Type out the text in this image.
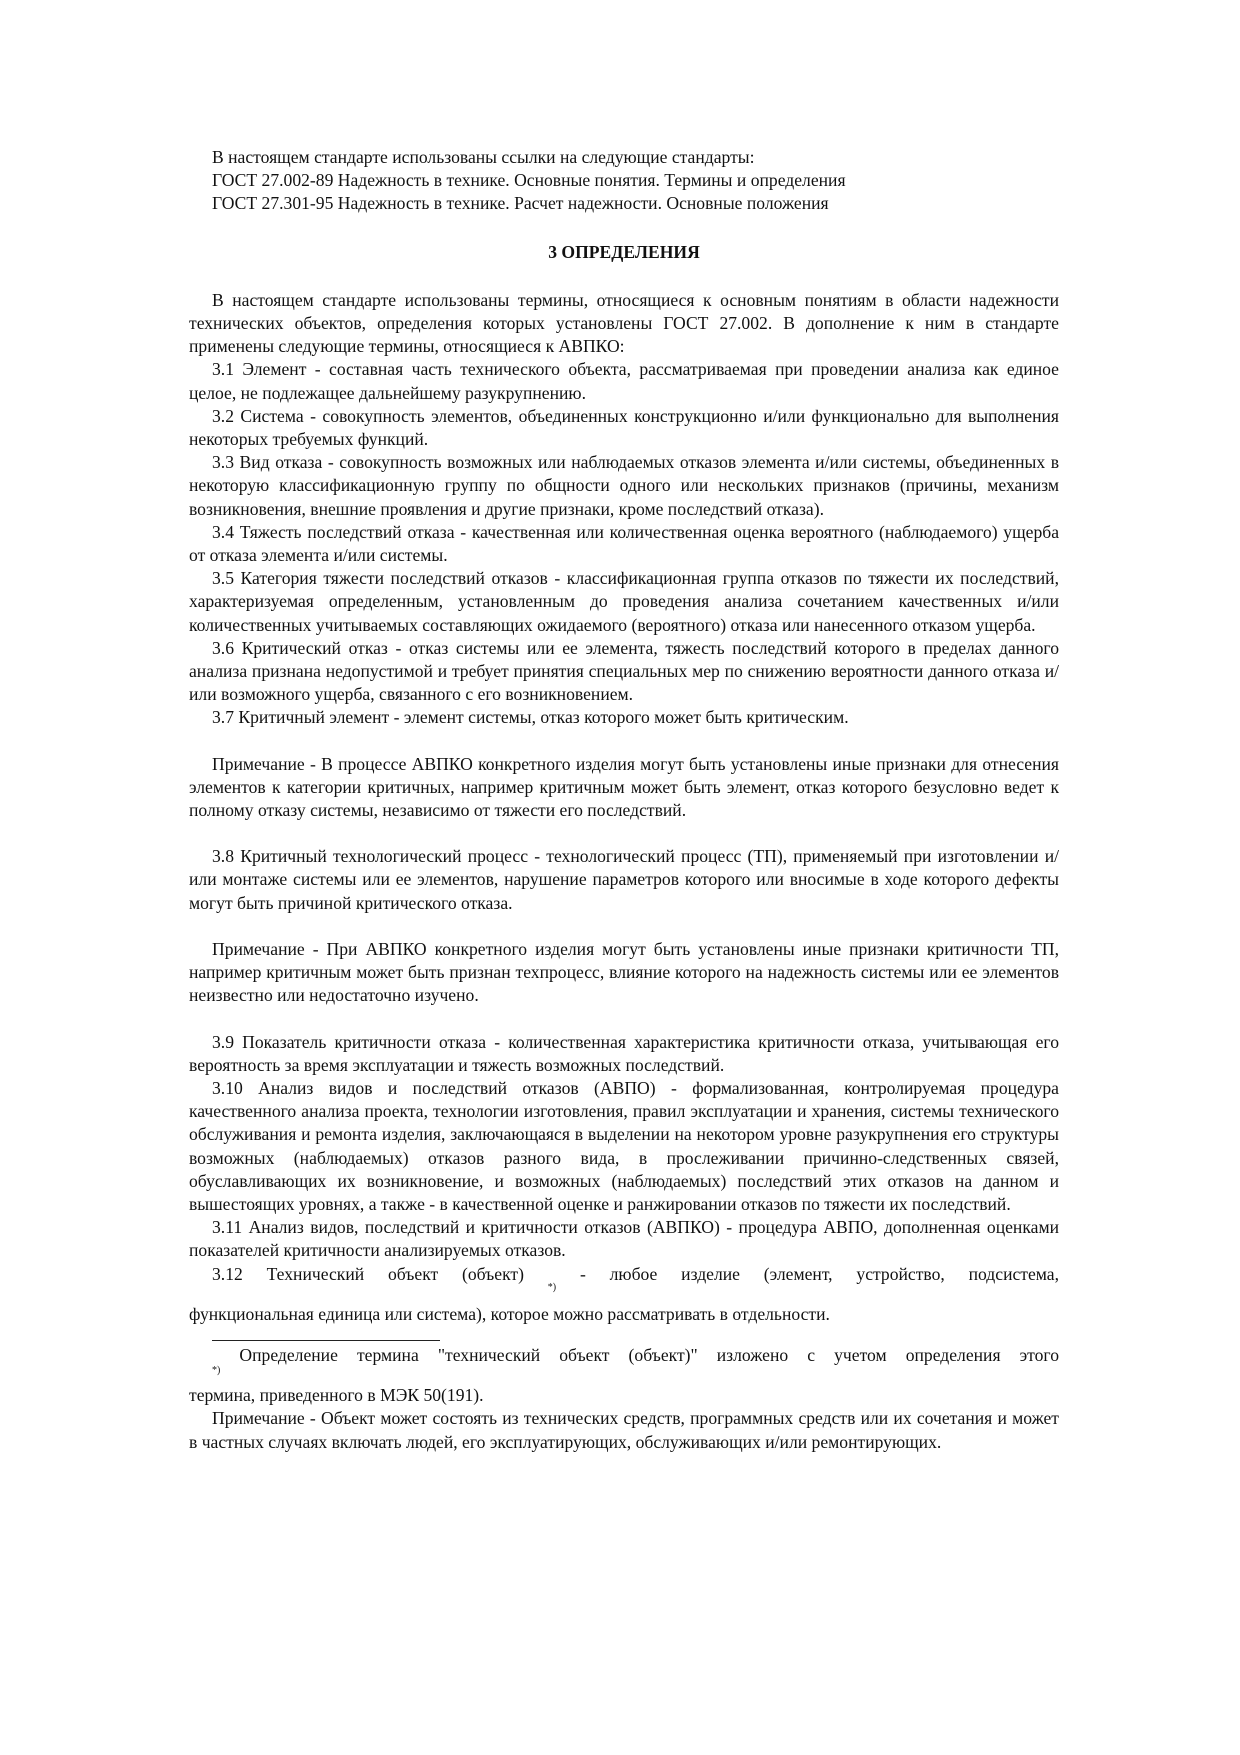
В настоящем стандарте использованы ссылки на следующие стандарты:

ГОСТ 27.002-89 Надежность в технике. Основные понятия. Термины и определения

ГОСТ 27.301-95 Надежность в технике. Расчет надежности. Основные положения

3 ОПРЕДЕЛЕНИЯ

В настоящем стандарте использованы термины, относящиеся к основным понятиям в области надежности технических объектов, определения которых установлены ГОСТ 27.002. В дополнение к ним в стандарте применены следующие термины, относящиеся к АВПКО:

3.1 Элемент - составная часть технического объекта, рассматриваемая при проведении анализа как единое целое, не подлежащее дальнейшему разукрупнению.

3.2 Система - совокупность элементов, объединенных конструкционно и/или функционально для выполнения некоторых требуемых функций.

3.3 Вид отказа - совокупность возможных или наблюдаемых отказов элемента и/или системы, объединенных в некоторую классификационную группу по общности одного или нескольких признаков (причины, механизм возникновения, внешние проявления и другие признаки, кроме последствий отказа).

3.4 Тяжесть последствий отказа - качественная или количественная оценка вероятного (наблюдаемого) ущерба от отказа элемента и/или системы.

3.5 Категория тяжести последствий отказов - классификационная группа отказов по тяжести их последствий, характеризуемая определенным, установленным до проведения анализа сочетанием качественных и/или количественных учитываемых составляющих ожидаемого (вероятного) отказа или нанесенного отказом ущерба.

3.6 Критический отказ - отказ системы или ее элемента, тяжесть последствий которого в пределах данного анализа признана недопустимой и требует принятия специальных мер по снижению вероятности данного отказа и/или возможного ущерба, связанного с его возникновением.

3.7 Критичный элемент - элемент системы, отказ которого может быть критическим.

Примечание - В процессе АВПКО конкретного изделия могут быть установлены иные признаки для отнесения элементов к категории критичных, например критичным может быть элемент, отказ которого безусловно ведет к полному отказу системы, независимо от тяжести его последствий.

3.8 Критичный технологический процесс - технологический процесс (ТП), применяемый при изготовлении и/или монтаже системы или ее элементов, нарушение параметров которого или вносимые в ходе которого дефекты могут быть причиной критического отказа.

Примечание - При АВПКО конкретного изделия могут быть установлены иные признаки критичности ТП, например критичным может быть признан техпроцесс, влияние которого на надежность системы или ее элементов неизвестно или недостаточно изучено.

3.9 Показатель критичности отказа - количественная характеристика критичности отказа, учитывающая его вероятность за время эксплуатации и тяжесть возможных последствий.

3.10 Анализ видов и последствий отказов (АВПО) - формализованная, контролируемая процедура качественного анализа проекта, технологии изготовления, правил эксплуатации и хранения, системы технического обслуживания и ремонта изделия, заключающаяся в выделении на некотором уровне разукрупнения его структуры возможных (наблюдаемых) отказов разного вида, в прослеживании причинно-следственных связей, обуславливающих их возникновение, и возможных (наблюдаемых) последствий этих отказов на данном и вышестоящих уровнях, а также - в качественной оценке и ранжировании отказов по тяжести их последствий.

3.11 Анализ видов, последствий и критичности отказов (АВПКО) - процедура АВПО, дополненная оценками показателей критичности анализируемых отказов.

3.12 Технический объект (объект) $_{*)}$ - любое изделие (элемент, устройство, подсистема,

функциональная единица или система), которое можно рассматривать в отдельности.

$_{*)}$ Определение термина "технический объект (объект)" изложено с учетом определения этого

термина, приведенного в МЭК 50(191).

Примечание - Объект может состоять из технических средств, программных средств или их сочетания и может в частных случаях включать людей, его эксплуатирующих, обслуживающих и/или ремонтирующих.
